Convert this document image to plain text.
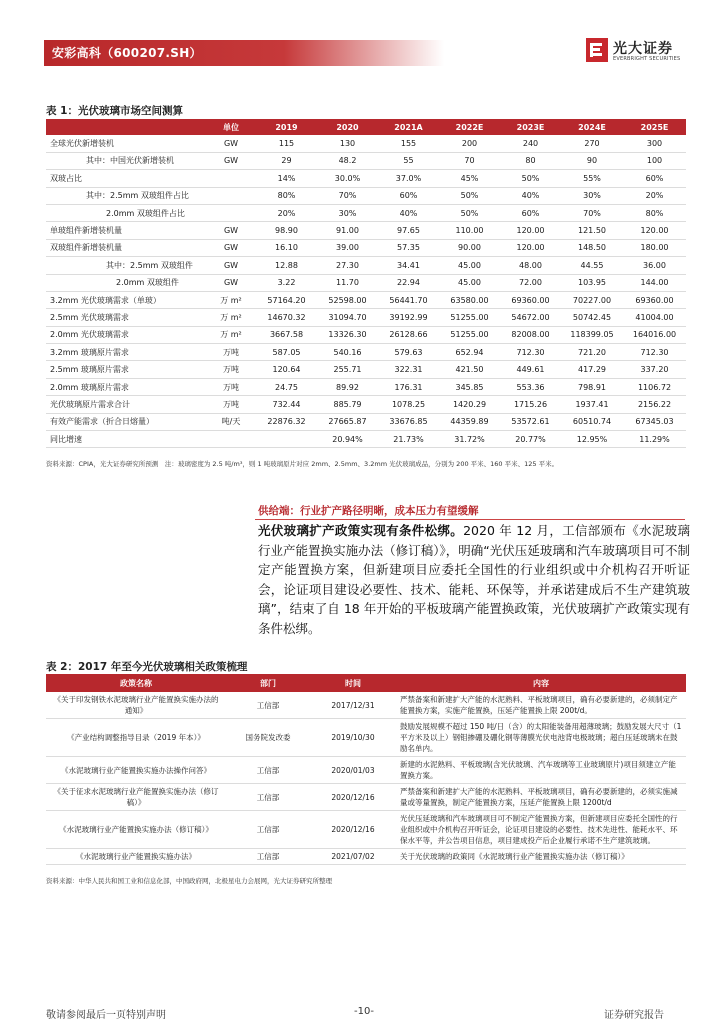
安彩高科（600207.SH）	光大证券
EVERBRIGHT SECURITIES
表 1：光伏玻璃市场空间测算
	单位	2019	2020	2021A	2022E	2023E	2024E	2025E
全球光伏新增装机	GW	115	130	155	200	240	270	300
其中：中国光伏新增装机	GW	29	48.2	55	70	80	90	100
双玻占比		14%	30.0%	37.0%	45%	50%	55%	60%
其中：2.5mm 双玻组件占比		80%	70%	60%	50%	40%	30%	20%
2.0mm 双玻组件占比		20%	30%	40%	50%	60%	70%	80%
单玻组件新增装机量	GW	98.90	91.00	97.65	110.00	120.00	121.50	120.00
双玻组件新增装机量	GW	16.10	39.00	57.35	90.00	120.00	148.50	180.00
其中：2.5mm 双玻组件	GW	12.88	27.30	34.41	45.00	48.00	44.55	36.00
2.0mm 双玻组件	GW	3.22	11.70	22.94	45.00	72.00	103.95	144.00
3.2mm 光伏玻璃需求（单玻）	万 m²	57164.20	52598.00	56441.70	63580.00	69360.00	70227.00	69360.00
2.5mm 光伏玻璃需求	万 m²	14670.32	31094.70	39192.99	51255.00	54672.00	50742.45	41004.00
2.0mm 光伏玻璃需求	万 m²	3667.58	13326.30	26128.66	51255.00	82008.00	118399.05	164016.00
3.2mm 玻璃原片需求	万吨	587.05	540.16	579.63	652.94	712.30	721.20	712.30
2.5mm 玻璃原片需求	万吨	120.64	255.71	322.31	421.50	449.61	417.29	337.20
2.0mm 玻璃原片需求	万吨	24.75	89.92	176.31	345.85	553.36	798.91	1106.72
光伏玻璃原片需求合计	万吨	732.44	885.79	1078.25	1420.29	1715.26	1937.41	2156.22
有效产能需求（折合日熔量）	吨/天	22876.32	27665.87	33676.85	44359.89	53572.61	60510.74	67345.03
同比增速			20.94%	21.73%	31.72%	20.77%	12.95%	11.29%
资料来源：CPIA，光大证券研究所预测　注：玻璃密度为 2.5 吨/m³，则 1 吨玻璃原片对应 2mm、2.5mm、3.2mm 光伏玻璃成品，分别为 200 平米、160 平米、125 平米。
供给端：行业扩产路径明晰，成本压力有望缓解
光伏玻璃扩产政策实现有条件松绑。2020 年 12 月，工信部颁布《水泥玻璃行业产能置换实施办法（修订稿）》，明确“光伏压延玻璃和汽车玻璃项目可不制定产能置换方案，但新建项目应委托全国性的行业组织或中介机构召开听证会，论证项目建设必要性、技术、能耗、环保等，并承诺建成后不生产建筑玻璃”，结束了自 18 年开始的平板玻璃产能置换政策，光伏玻璃扩产政策实现有条件松绑。
表 2：2017 年至今光伏玻璃相关政策梳理
政策名称	部门	时间	内容
《关于印发钢铁水泥玻璃行业产能置换实施办法的通知》	工信部	2017/12/31	严禁备案和新建扩大产能的水泥熟料、平板玻璃项目，确有必要新建的，必须制定产能置换方案，实施产能置换，压延产能置换上限 200t/d。
《产业结构调整指导目录（2019 年本）》	国务院发改委	2019/10/30	鼓励发展规模不超过 150 吨/日（含）的太阳能装备用超薄玻璃；鼓励发展大尺寸（1 平方米及以上）钢钼掺硼及硼化钢等薄膜光伏电池背电极玻璃；超白压延玻璃未在鼓励名单内。
《水泥玻璃行业产能置换实施办法操作问答》	工信部	2020/01/03	新建的水泥熟料、平板玻璃(含光伏玻璃、汽车玻璃等工业玻璃原片)项目须建立产能置换方案。
《关于征求水泥玻璃行业产能置换实施办法（修订稿）》	工信部	2020/12/16	严禁备案和新建扩大产能的水泥熟料、平板玻璃项目，确有必要新建的，必须实施减量或等量置换，制定产能置换方案，压延产能置换上限 1200t/d
《水泥玻璃行业产能置换实施办法（修订稿）》	工信部	2020/12/16	光伏压延玻璃和汽车玻璃项目可不制定产能置换方案，但新建项目应委托全国性的行业组织或中介机构召开听证会，论证项目建设的必要性、技术先进性、能耗水平、环保水平等，并公告项目信息，项目建成投产后企业履行承诺不生产建筑玻璃。
《水泥玻璃行业产能置换实施办法》	工信部	2021/07/02	关于光伏玻璃的政策同《水泥玻璃行业产能置换实施办法（修订稿）》
资料来源：中华人民共和国工业和信息化部，中国政府网，北极星电力会展网，光大证券研究所整理
敬请参阅最后一页特别声明	-10-	证券研究报告
